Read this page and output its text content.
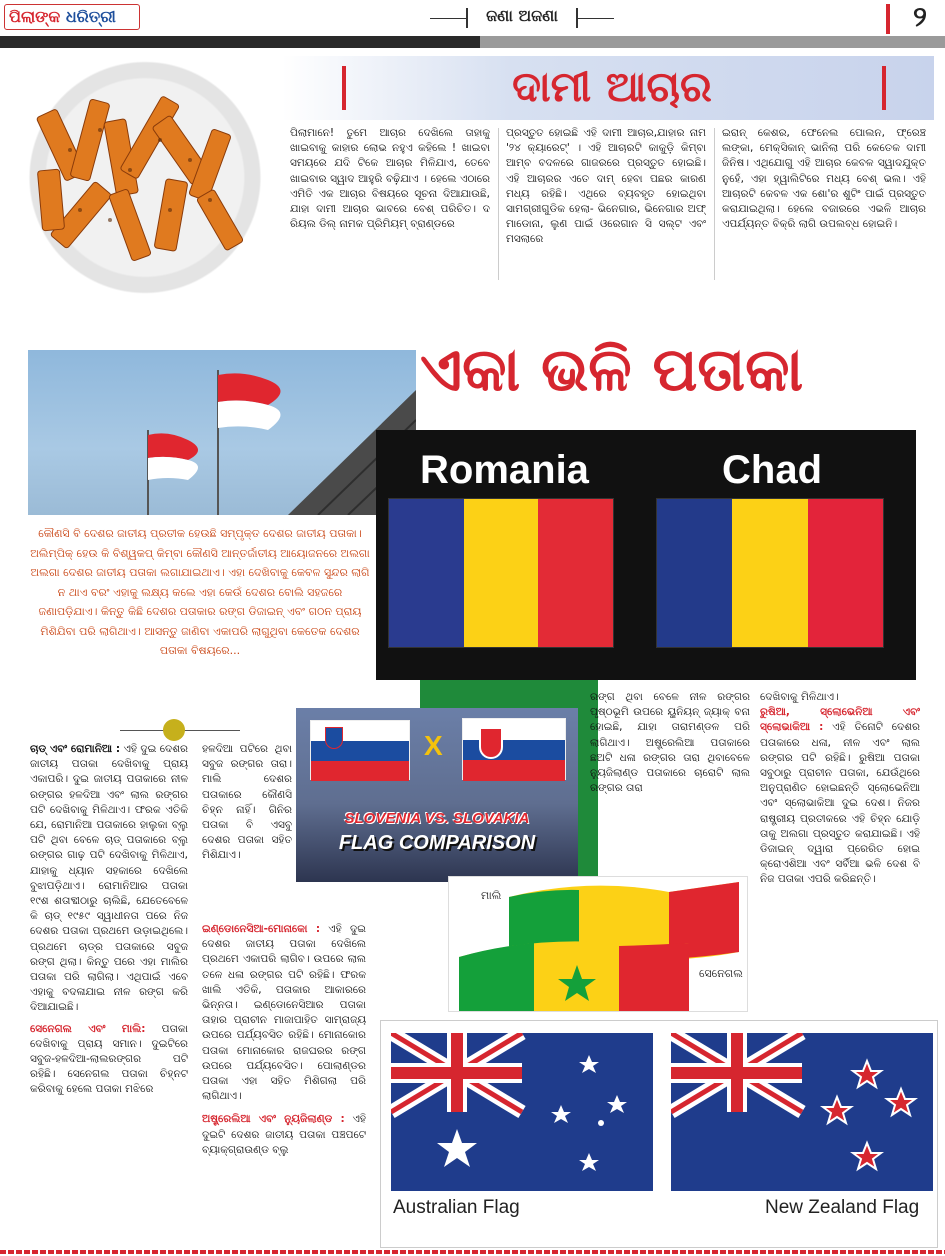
ପିଲାଙ୍କ ଧରିତ୍ରୀ	ଜଣା ଅଜଣା	୨
ଦାମୀ ଆଚାର
ପିଲାମାନେ! ତୁମେ ଆଚାର ଦେଖିଲେ ତାହାକୁ ଖାଇବାକୁ କାହାର ଲୋଭ ନହୁଏ କହିଲେ ! ଖାଇବା ସମୟରେ ଯଦି ଟିକେ ଆଚାର ମିଳିଯାଏ, ତେବେ ଖାଇବାର ସ୍ୱାଦ ଆହୁରି ବଢ଼ିଯାଏ । ହେଲେ ଏଠାରେ ଏମିତି ଏକ ଆଚାର ବିଷୟରେ ସୂଚନା ଦିଆଯାଉଛି, ଯାହା ଦାମୀ ଆଚାର ଭାବରେ ବେଶ୍ ପରିଚିତ। ଦ ରିୟଲ ଡିଲ୍ ନାମକ ପ୍ରିମିୟମ୍ ବ୍ରାଣ୍ଡରେ
ପ୍ରସ୍ତୁତ ହୋଇଛି ଏହି ଦାମୀ ଆଚାର,ଯାହାର ନାମ '୨୪ କ୍ୟାରେଟ୍' । ଏହି ଆଚାରଟି କାକୁଡ଼ି କିମ୍ବା ଆମ୍ବ ବଦଳରେ ଗାଜରରେ ପ୍ରସ୍ତୁତ ହୋଇଛି। ଏହି ଆଚାରର ଏତେ ଦାମ୍ ହେବା ପଛର କାରଣ ମଧ୍ୟ ରହିଛି। ଏଥିରେ ବ୍ୟବହୃତ ହୋଇଥିବା ସାମଗ୍ରୀଗୁଡିକ ହେଲା- ଭିନେଗାର, ଭିନେଗାର ଅଫ୍ ମାଡୋନା, ଲୁଣ ପାଇଁ ଓରେଗାନ ସି ସଲ୍ଟ ଏବଂ ମସଲାରେ
ଇରାନ୍ କେଶର, ଫେନେଲ ପୋଲନ, ଫ୍ରେଞ୍ଚ ଲଙ୍କା, ମେକ୍ସିକାନ୍ ଭାନିଲା ପରି କେତେକ ଦାମୀ ଜିନିଷ। ଏଥିଯୋଗୁ ଏହି ଆଚାର କେବଳ ସ୍ୱାଦଯୁକ୍ତ ନୁହେଁ, ଏହା ହ୍ୱାଲିଟିରେ ମଧ୍ୟ ବେଶ୍ ଭଲ। ଏହି ଆଚାରଟି କେବଳ ଏକ ଶୋ'ର ଶୁଟିଂ ପାଇଁ ପ୍ରସ୍ତୁତ କରାଯାଇଥିଲା। ହେଲେ ବଜାରରେ ଏଭଳି ଆଚାର ଏପର୍ଯ୍ୟନ୍ତ ବିକ୍ରି ଲାଗି ଉପଲବ୍ଧ ହୋଇନି।
ଏକା ଭଳି ପତାକା
Romania	Chad
କୌଣସି ବି ଦେଶର ଜାତୀୟ ପ୍ରତୀକ ହେଉଛି ସମ୍ପୃକ୍ତ ଦେଶର ଜାତୀୟ ପତାକା। ଅଲିମ୍ପିକ୍ ହେଉ କି ବିଶ୍ୱକପ୍ କିମ୍ବା କୌଣସି ଆନ୍ତର୍ଜାତୀୟ ଆୟୋଜନରେ ଅଲଗା ଅଲଗା ଦେଶର ଜାତୀୟ ପତାକା ଲଗାଯାଇଥାଏ। ଏହା ଦେଖିବାକୁ କେବଳ ସୁନ୍ଦର ଲାଗି ନ ଥାଏ ବରଂ ଏହାକୁ ଲକ୍ଷ୍ୟ କଲେ ଏହା କେଉଁ ଦେଶର ବୋଲି ସହଜରେ ଜଣାପଡ଼ିଯାଏ। କିନ୍ତୁ କିଛି ଦେଶର ପତାକାର ରଙ୍ଗ ଡିଜାଇନ୍ ଏବଂ ଗଠନ ପ୍ରାୟ ମିଶିଯିବା ପରି ଲାଗିଥାଏ। ଆସନ୍ତୁ ଜାଣିବା ଏକାପରି ଲାଗୁଥିବା କେତେକ ଦେଶର ପତାକା ବିଷୟରେ...
ଚାଡ୍ ଏବଂ ରୋମାନିଆ : ଏହି ଦୁଇ ଦେଶର ଜାତୀୟ ପତାକା ଦେଖିବାକୁ ପ୍ରାୟ ଏକାପରି। ଦୁଇ ଜାତୀୟ ପତାକାରେ ନୀଳ ରଙ୍ଗର ହଳଦିଆ ଏବଂ ଲାଲ ରଙ୍ଗର ପଟି ଦେଖିବାକୁ ମିଳିଥାଏ। ଫରକ ଏତିକି ଯେ, ରୋମାନିଆ ପତାକାରେ ହାଲୁକା ବ୍ଲୁ ପଟି ଥିବା ବେଳେ ଚାଡ୍ ପତାକାରେ ବ୍ଲୁ ରଙ୍ଗର ଗାଢ଼ ପଟି ଦେଖିବାକୁ ମିଳିଥାଏ, ଯାହାକୁ ଧ୍ୟାନ ସହକାରେ ଦେଖିଲେ ବୁଝାପଡ଼ିଥାଏ। ରୋମାନିଆର ପତାକା ୧୯ଶ ଶତାବ୍ଦୀଠାରୁ ଚାଲିଛି, ଯେତେବେଳେ କି ଚାଡ୍ ୧୯୫୯ ସ୍ୱାଧୀନତା ପରେ ନିଜ ଦେଶର ପତାକା ପ୍ରଥମେ ଉଡ଼ାଇଥିଲେ। ପ୍ରଥମେ ଚାଡ୍‌ର ପତାକାରେ ସବୁଜ ରଙ୍ଗ ଥିଲା। କିନ୍ତୁ ପରେ ଏହା ମାଲିର ପତାକା ପରି ଲାଗିଲା। ଏଥିପାଇଁ ଏବେ ଏହାକୁ ବଦଳାଯାଇ ନୀଳ ରଙ୍ଗ କରି ଦିଆଯାଇଛି।
ସେନେଗଲ ଏବଂ ମାଲି: ପତାକା ଦେଖିବାକୁ ପ୍ରାୟ ସମାନ। ଦୁଇଟିରେ ସବୁଜ-ହଳଦିଆ-ଲାଲରଙ୍ଗର ପଟି ରହିଛି। ସେନେଗଲ ପତାକା ଚିହ୍ନଟ କରିବାକୁ ହେଲେ ପତାକା ମଝିରେ
ହଳଦିଆ ପଟିରେ ଥିବା ସବୁଜ ରଙ୍ଗର ତାରା। ମାଲି ଦେଶର ପତାକାରେ କୌଣସି ଚିହ୍ନ ନାହିଁ। ଗିନିର ପତାକା ବି ଏସବୁ ଦେଶର ପତାକା ସହିତ ମିଶିଯାଏ।
ଇଣ୍ଡୋନେସିଆ-ମୋନାକୋ : ଏହି ଦୁଇ ଦେଶର ଜାତୀୟ ପତାକା ଦେଖିଲେ ପ୍ରଥମେ ଏକାପରି ଲାଗିବ। ଉପରେ ଲାଲ ତଳେ ଧଳା ରଙ୍ଗର ପଟି ରହିଛି। ଫରକ ଖାଲି ଏତିକି, ପତାକାର ଆକାରରେ ଭିନ୍ନତା। ଇଣ୍ଡୋନେସିଆର ପତାକା ତାହାର ପ୍ରାଚୀନ ମାଜାପାହିତ ସାମ୍ରାଜ୍ୟ ଉପରେ ପର୍ଯ୍ୟବସିତ ରହିଛି। ମୋନାକୋର ପତାକା ମୋନାକୋର ରାଜଘରର ରଙ୍ଗ ଉପରେ ପର୍ଯ୍ୟବେସିତ। ପୋଲାଣ୍ଡର ପତାକା ଏହା ସହିତ ମିଶିଗଲା ପରି ଲାଗିଥାଏ।
ଅଷ୍ଟ୍ରେଲିଆ ଏବଂ ନ୍ୟୁଜିଲାଣ୍ଡ : ଏହି ଦୁଇଟି ଦେଶର ଜାତୀୟ ପତାକା ପଞ୍ଚପଟେ ବ୍ୟାକ୍‌ଗ୍ରାଉଣ୍ଡ ବ୍ଲୁ
X
SLOVENIA VS. SLOVAKIA
FLAG COMPARISON
ରଙ୍ଗ ଥିବା ବେଳେ ନୀଳ ରଙ୍ଗର ପୃଷ୍ଠଭୂମି ଉପରେ ୟୁନିୟନ୍ ଜ୍ୟାକ୍ ବନା ହୋଇଛି, ଯାହା ତାରାମଣ୍ଡଳ ପରି ଲାଗିଥାଏ। ଅଷ୍ଟ୍ରେଲିଆ ପତାକାରେ ଛଅଟି ଧଳା ରଙ୍ଗର ତାରା ଥିବାବେଳେ ନ୍ୟୁଜିଲାଣ୍ଡ ପତାକାରେ ଚାରୋଟି ଲାଲ ରଙ୍ଗର ତାରା
ଦେଖିବାକୁ ମିଳିଥାଏ।
ରୁଷିଆ, ସ୍ଲୋଭେନିଆ ଏବଂ ସ୍ଲୋଭାକିଆ : ଏହି ତିନୋଟି ଦେଶର ପତାକାରେ ଧଳା, ନୀଳ ଏବଂ ଲାଲ ରଙ୍ଗର ପଟି ରହିଛି। ରୁଷିଆ ପତାକା ସବୁଠାରୁ ପ୍ରାଚୀନ ପତାକା, ଯେଉଁଥିରେ ଅନୁପ୍ରାଣିତ ହୋଇଛନ୍ତି ସ୍ଲୋଭେନିଆ ଏବଂ ସ୍ଲୋଭାକିଆ ଦୁଇ ଦେଶ। ନିଜର ରାଷ୍ଟ୍ରୀୟ ପ୍ରତୀକରେ ଏହି ଚିହ୍ନ ଯୋଡ଼ି ତାକୁ ଅଲଗା ପ୍ରସ୍ତୁତ କରାଯାଇଛି। ଏହି ଡିଜାଇନ୍ ଦ୍ୱାରା ପ୍ରେରିତ ହୋଇ କ୍ରୋଏଶିଆ ଏବଂ ସର୍ବିଆ ଭଳି ଦେଶ ବି ନିଜ ପତାକା ଏପରି କରିଛନ୍ତି।
ମାଲି
ସେନେଗଲ
Australian Flag	New Zealand Flag
